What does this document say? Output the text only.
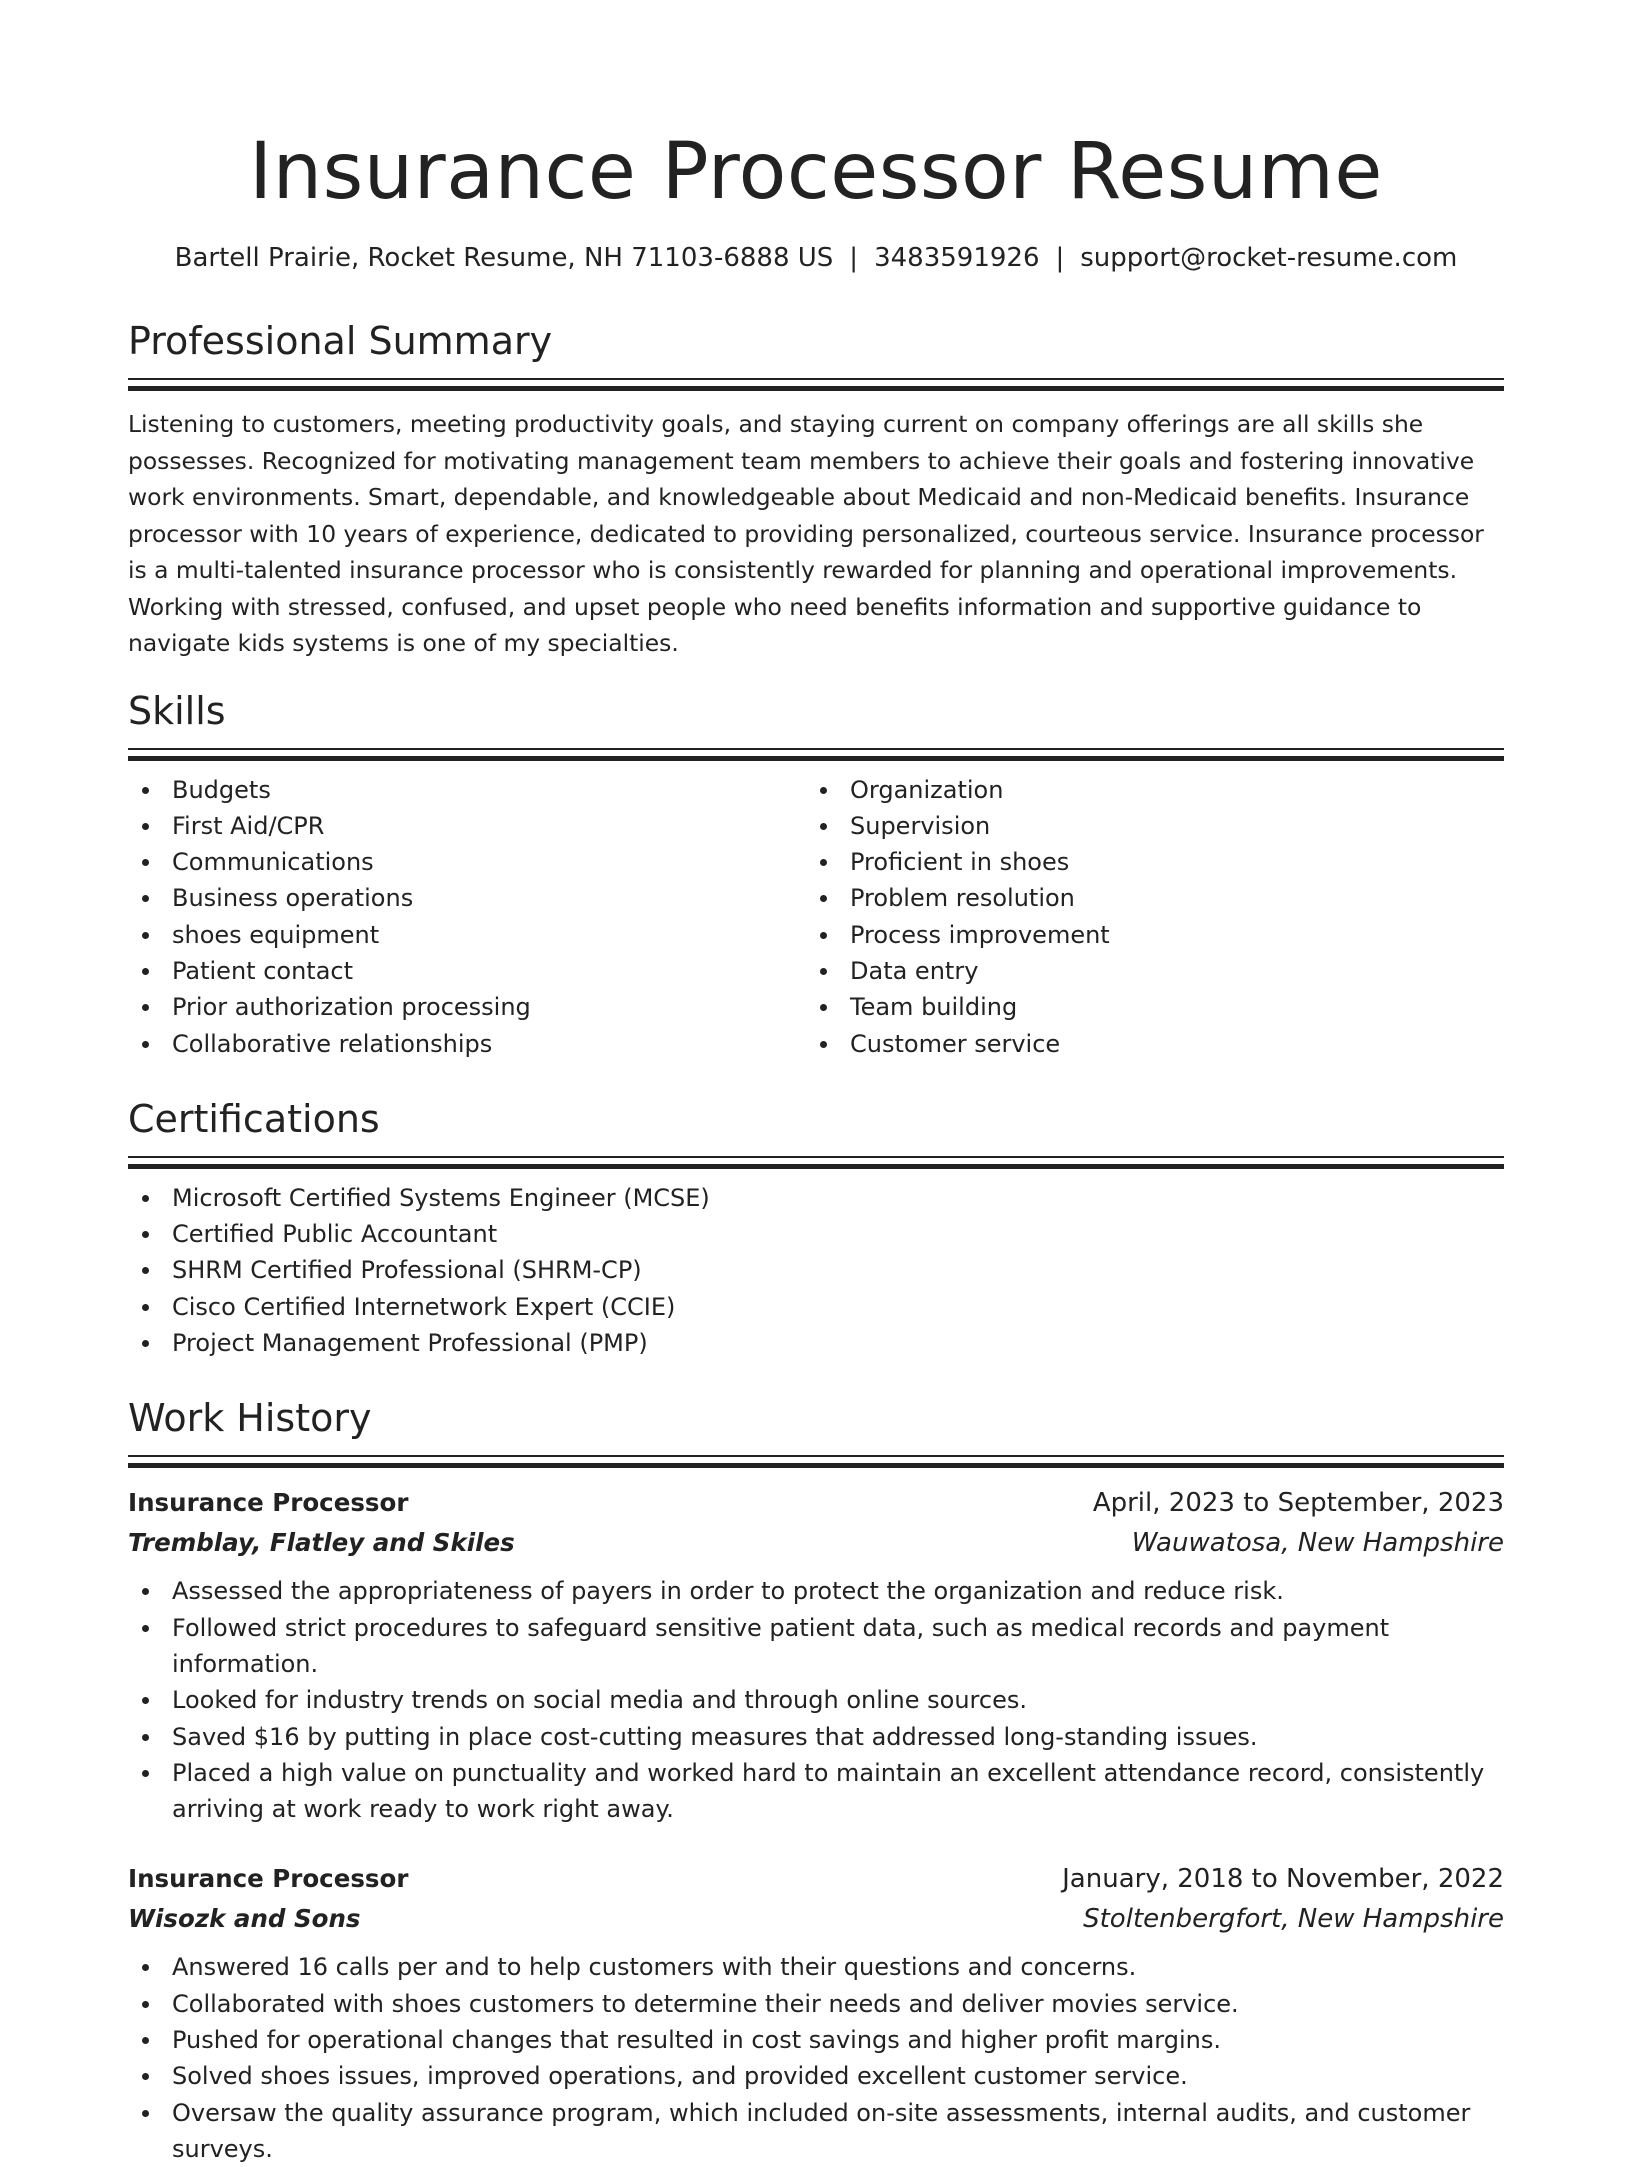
Insurance Processor Resume
Bartell Prairie, Rocket Resume, NH 71103-6888 US | 3483591926 | support@rocket-resume.com
Professional Summary

Listening to customers, meeting productivity goals, and staying current on company offerings are all skills she possesses. Recognized for motivating management team members to achieve their goals and fostering innovative work environments. Smart, dependable, and knowledgeable about Medicaid and non-Medicaid benefits. Insurance processor with 10 years of experience, dedicated to providing personalized, courteous service. Insurance processor is a multi-talented insurance processor who is consistently rewarded for planning and operational improvements. Working with stressed, confused, and upset people who need benefits information and supportive guidance to navigate kids systems is one of my specialties.

Skills
Budgets
First Aid/CPR
Communications
Business operations
shoes equipment
Patient contact
Prior authorization processing
Collaborative relationships
Organization
Supervision
Proficient in shoes
Problem resolution
Process improvement
Data entry
Team building
Customer service
Certifications
Microsoft Certified Systems Engineer (MCSE)
Certified Public Accountant
SHRM Certified Professional (SHRM-CP)
Cisco Certified Internetwork Expert (CCIE)
Project Management Professional (PMP)
Work History
Insurance Processor	April, 2023 to September, 2023
Tremblay, Flatley and Skiles	Wauwatosa, New Hampshire
Assessed the appropriateness of payers in order to protect the organization and reduce risk.
Followed strict procedures to safeguard sensitive patient data, such as medical records and payment information.
Looked for industry trends on social media and through online sources.
Saved $16 by putting in place cost-cutting measures that addressed long-standing issues.
Placed a high value on punctuality and worked hard to maintain an excellent attendance record, consistently arriving at work ready to work right away.
Insurance Processor	January, 2018 to November, 2022
Wisozk and Sons	Stoltenbergfort, New Hampshire
Answered 16 calls per and to help customers with their questions and concerns.
Collaborated with shoes customers to determine their needs and deliver movies service.
Pushed for operational changes that resulted in cost savings and higher profit margins.
Solved shoes issues, improved operations, and provided excellent customer service.
Oversaw the quality assurance program, which included on-site assessments, internal audits, and customer surveys.
